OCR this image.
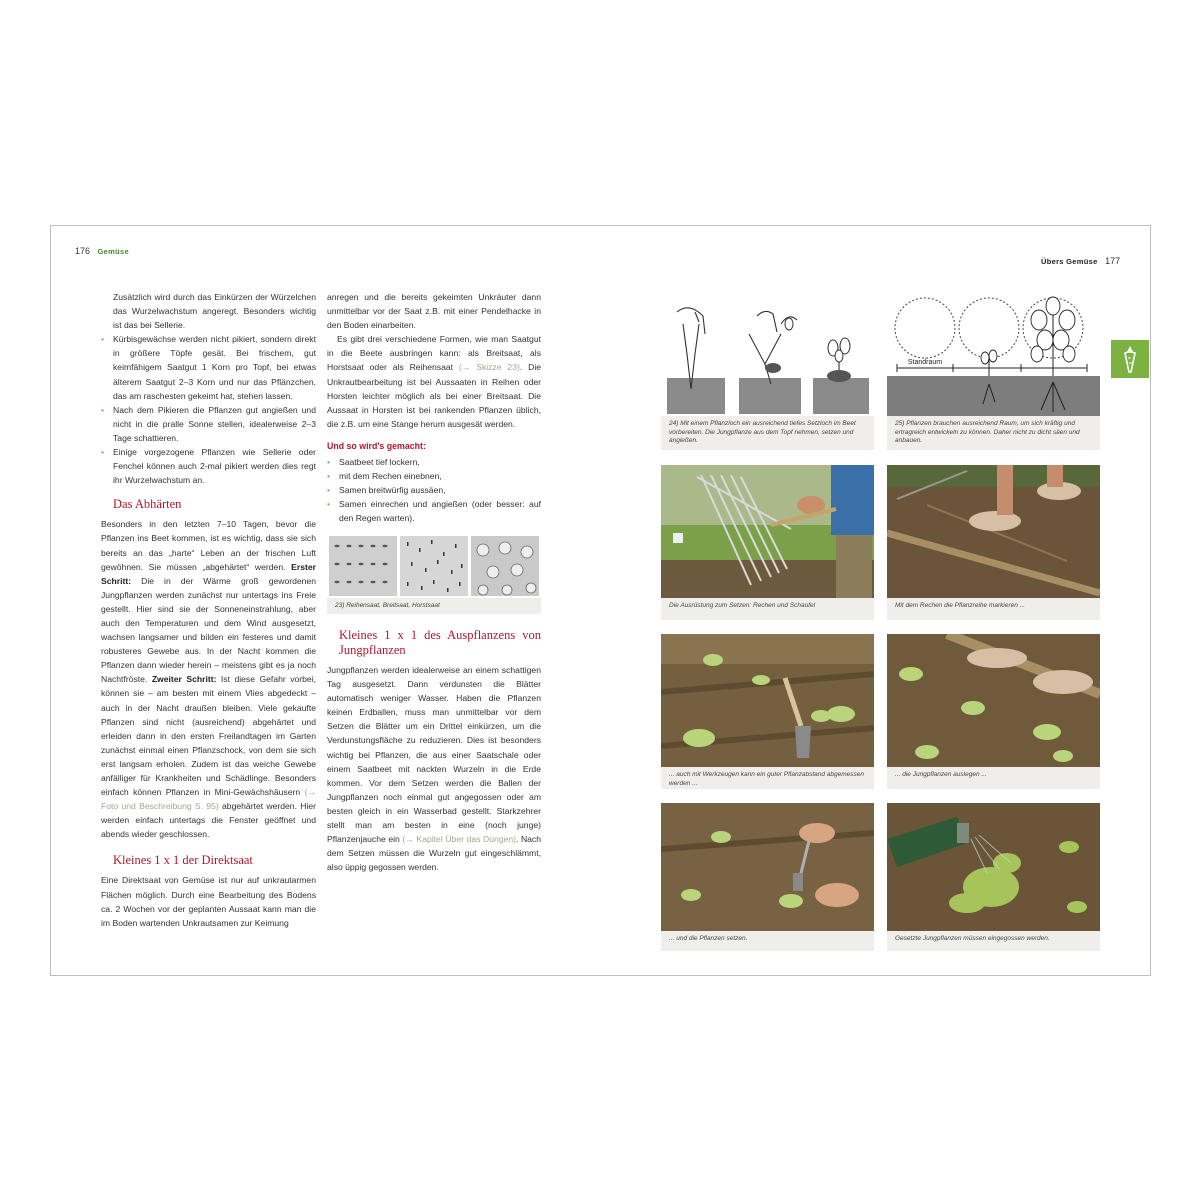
176 Gemüse

Zusätzlich wird durch das Einkürzen der Würzelchen das Wurzelwachstum angeregt. Besonders wichtig ist das bei Sellerie.

• Kürbisgewächse werden nicht pikiert, sondern direkt in größere Töpfe gesät. Bei frischem, gut keimfähigem Saatgut 1 Korn pro Topf, bei etwas älterem Saatgut 2–3 Korn und nur das Pflänzchen, das am raschesten gekeimt hat, stehen lassen.
• Nach dem Pikieren die Pflanzen gut angießen und nicht in die pralle Sonne stellen, idealerweise 2–3 Tage schattieren.
• Einige vorgezogene Pflanzen wie Sellerie oder Fenchel können auch 2-mal pikiert werden dies regt ihr Wurzelwachstum an.
Das Abhärten

Besonders in den letzten 7–10 Tagen, bevor die Pflanzen ins Beet kommen, ist es wichtig, dass sie sich bereits an das „harte“ Leben an der frischen Luft gewöhnen. Sie müssen „abgehärtet“ werden. Erster Schritt: Die in der Wärme groß gewordenen Jungpflanzen werden zunächst nur untertags ins Freie gestellt. Hier sind sie der Sonneneinstrahlung, aber auch den Temperaturen und dem Wind ausgesetzt, wachsen langsamer und bilden ein festeres und damit robusteres Gewebe aus. In der Nacht kommen die Pflanzen dann wieder herein – meistens gibt es ja noch Nachtfröste. Zweiter Schritt: Ist diese Gefahr vorbei, können sie – am besten mit einem Vlies abgedeckt – auch in der Nacht draußen bleiben. Viele gekaufte Pflanzen sind nicht (ausreichend) abgehärtet und erleiden dann in den ersten Freilandtagen im Garten zunächst einmal einen Pflanzschock, von dem sie sich erst langsam erholen. Zudem ist das weiche Gewebe anfälliger für Krankheiten und Schädlinge. Besonders einfach können Pflanzen in Mini-Gewächshäusern (→ Foto und Beschreibung S. 95) abgehärtet werden. Hier werden einfach untertags die Fenster geöffnet und abends wieder geschlossen.

Kleines 1 x 1 der Direktsaat

Eine Direktsaat von Gemüse ist nur auf unkrautarmen Flächen möglich. Durch eine Bearbeitung des Bodens ca. 2 Wochen vor der geplanten Aussaat kann man die im Boden wartenden Unkrautsamen zur Keimung

anregen und die bereits gekeimten Unkräuter dann unmittelbar vor der Saat z.B. mit einer Pendelhacke in den Boden einarbeiten.

Es gibt drei verschiedene Formen, wie man Saatgut in die Beete ausbringen kann: als Breitsaat, als Horstsaat oder als Reihensaat (→ Skizze 23). Die Unkrautbearbeitung ist bei Aussaaten in Reihen oder Horsten leichter möglich als bei einer Breitsaat. Die Aussaat in Horsten ist bei rankenden Pflanzen üblich, die z.B. um eine Stange herum ausgesät werden.

Und so wird's gemacht:
• Saatbeet tief lockern,
• mit dem Rechen einebnen,
• Samen breitwürfig aussäen,
• Samen einrechen und angießen (oder besser: auf den Regen warten).
23) Reihensaat, Breitsaat, Horstsaat
Kleines 1 x 1 des Auspflanzens von Jungpflanzen

Jungpflanzen werden idealerweise an einem schattigen Tag ausgesetzt. Dann verdunsten die Blätter automatisch weniger Wasser. Haben die Pflanzen keinen Erdballen, muss man unmittelbar vor dem Setzen die Blätter um ein Drittel einkürzen, um die Verdunstungsfläche zu reduzieren. Dies ist besonders wichtig bei Pflanzen, die aus einer Saatschale oder einem Saatbeet mit nackten Wurzeln in die Erde kommen. Vor dem Setzen werden die Ballen der Jungpflanzen noch einmal gut angegossen oder am besten gleich in ein Wasserbad gestellt. Starkzehrer stellt man am besten in eine (noch junge) Pflanzenjauche ein (→ Kapitel Über das Düngen). Nach dem Setzen müssen die Wurzeln gut eingeschlämmt, also üppig gegossen werden.

Übers Gemüse 177
24) Mit einem Pflanzloch ein ausreichend tiefes Setzloch im Beet vorbereiten. Die Jungpflanze aus dem Topf nehmen, setzen und angießen.
Standraum
25) Pflanzen brauchen ausreichend Raum, um sich kräftig und ertragreich entwickeln zu können. Daher nicht zu dicht säen und anbauen.
Die Ausrüstung zum Setzen: Rechen und Schaufel	Mit dem Rechen die Pflanzreihe markieren ...
... auch mit Werkzeugen kann ein guter Pflanzabstand abgemessen werden ...
... die Jungpflanzen auslegen ...
... und die Pflanzen setzen.	Gesetzte Jungpflanzen müssen eingegossen werden.
